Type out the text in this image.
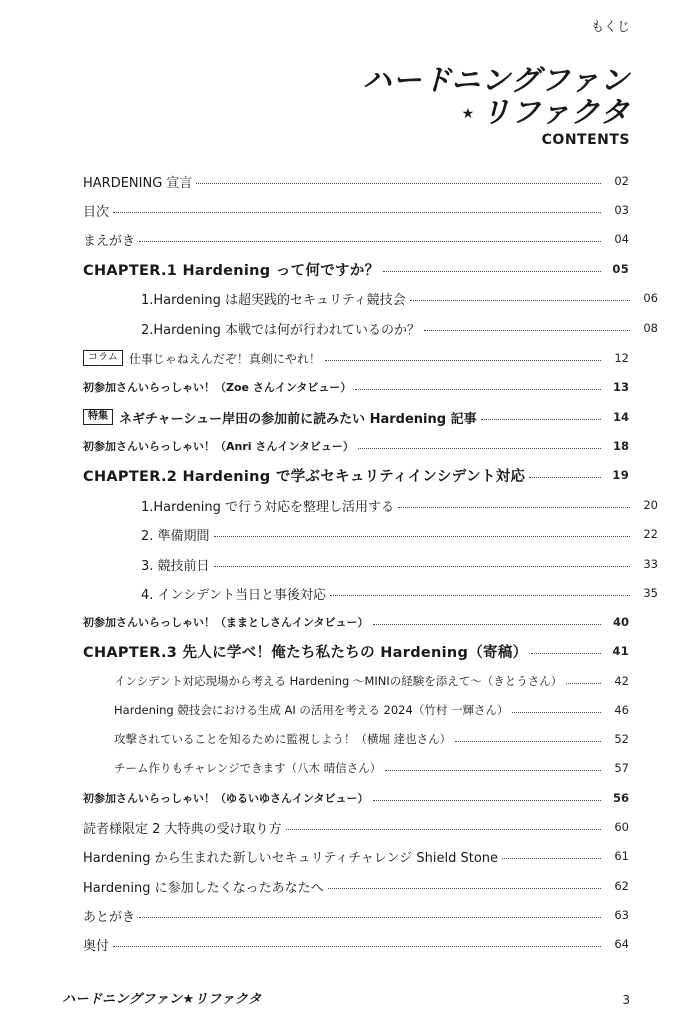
もくじ
ハードニングファン
★ リファクタ
CONTENTS
HARDENING 宣言	02
目次	03
まえがき	04
CHAPTER.1 Hardening って何ですか？	05
1.Hardening は超実践的セキュリティ競技会	06
2.Hardening 本戦では何が行われているのか？	08
コラム 仕事じゃねえんだぞ！真剣にやれ！	12
初参加さんいらっしゃい！（Zoe さんインタビュー）	13
特集 ネギチャーシュー岸田の参加前に読みたい Hardening 記事	14
初参加さんいらっしゃい！（Anri さんインタビュー）	18
CHAPTER.2 Hardening で学ぶセキュリティインシデント対応	19
1.Hardening で行う対応を整理し活用する	20
2. 準備期間	22
3. 競技前日	33
4. インシデント当日と事後対応	35
初参加さんいらっしゃい！（ままとしさんインタビュー）	40
CHAPTER.3 先人に学べ！俺たち私たちの Hardening（寄稿）	41
インシデント対応現場から考える Hardening ～MINIの経験を添えて～（きとうさん）	42
Hardening 競技会における生成 AI の活用を考える 2024（竹村 一輝さん）	46
攻撃されていることを知るために監視しよう！（横堀 達也さん）	52
チーム作りもチャレンジできます（八木 晴信さん）	57
初参加さんいらっしゃい！（ゆるいゆさんインタビュー）	56
読者様限定 2 大特典の受け取り方	60
Hardening から生まれた新しいセキュリティチャレンジ Shield Stone	61
Hardening に参加したくなったあなたへ	62
あとがき	63
奥付	64
ハードニングファン★リファクタ	3
